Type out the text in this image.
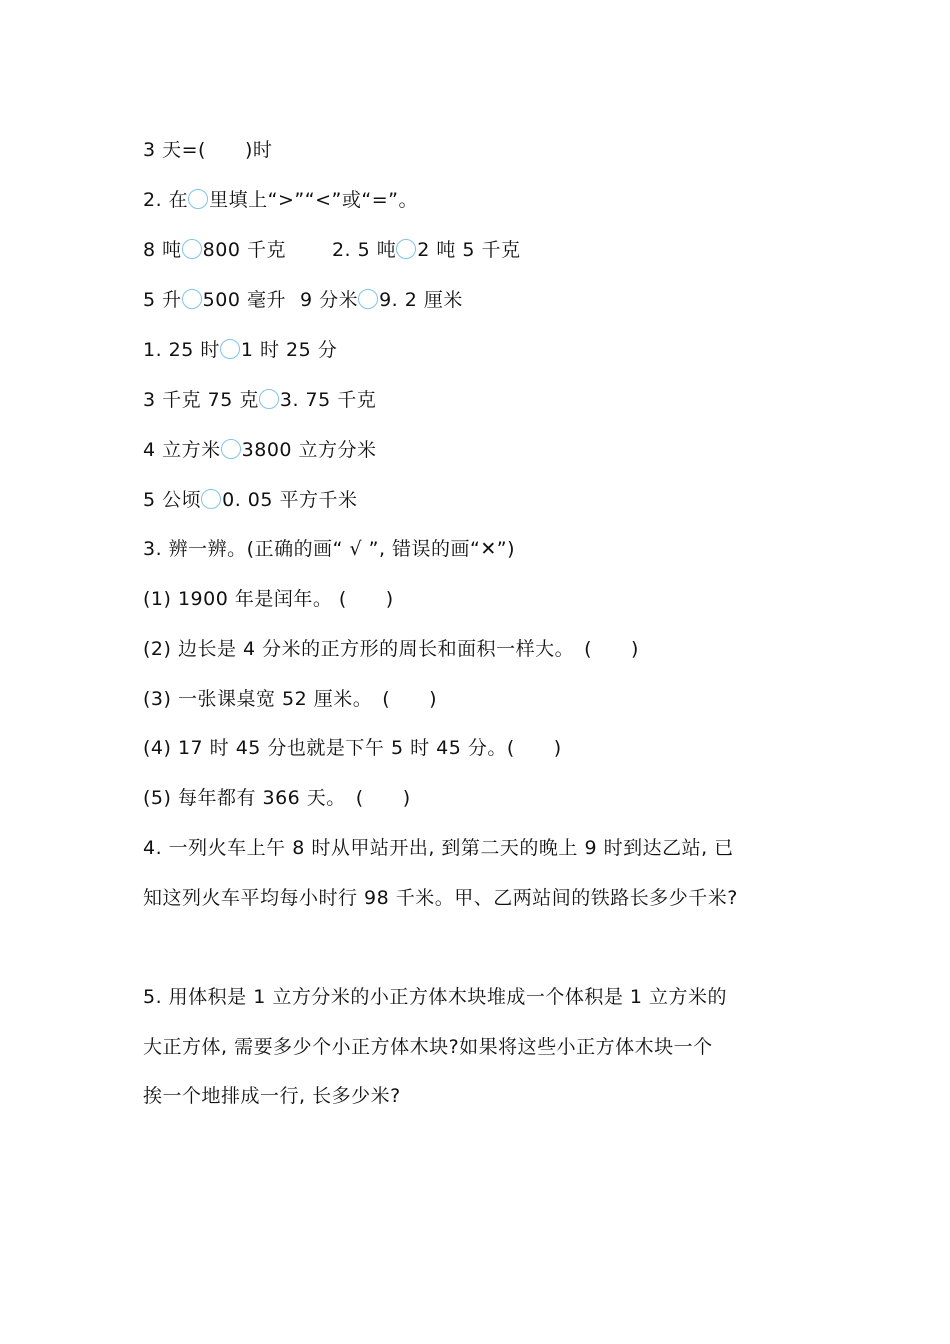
3 天=(　　)时
2. 在 里填上“>”“<”或“=”。
8 吨 800 千克 2. 5 吨 2 吨 5 千克
5 升 500 毫升 9 分米 9. 2 厘米
1. 25 时 1 时 25 分
3 千克 75 克 3. 75 千克
4 立方米 3800 立方分米
5 公顷 0. 05 平方千米
3. 辨一辨。(正确的画“ √ ”, 错误的画“✕”)
(1) 1900 年是闰年。 (　　)
(2) 边长是 4 分米的正方形的周长和面积一样大。　(　　)
(3) 一张课桌宽 52 厘米。　(　　)
(4) 17 时 45 分也就是下午 5 时 45 分。(　　)
(5) 每年都有 366 天。　(　　)
4. 一列火车上午 8 时从甲站开出, 到第二天的晚上 9 时到达乙站, 已
知这列火车平均每小时行 98 千米。甲、乙两站间的铁路长多少千米?
5. 用体积是 1 立方分米的小正方体木块堆成一个体积是 1 立方米的
大正方体, 需要多少个小正方体木块?如果将这些小正方体木块一个
挨一个地排成一行, 长多少米?
